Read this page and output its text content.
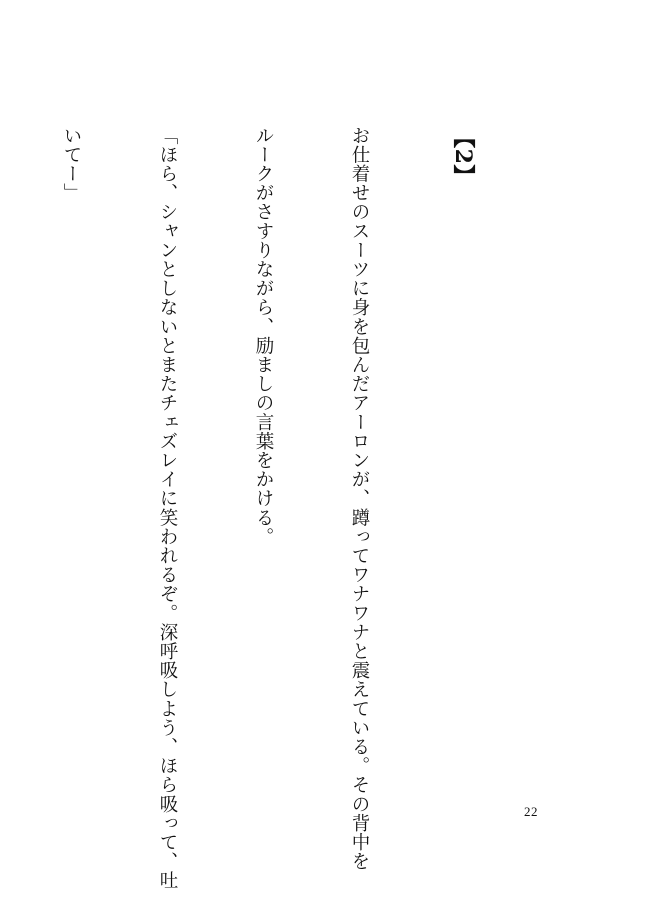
【2】

お仕着せのスーツに身を包んだアーロンが、蹲ってワナワナと震えている。その背中を

ルークがさすりながら、励ましの言葉をかける。

「ほら、シャンとしないとまたチェズレイに笑われるぞ。深呼吸しよう、ほら吸って、吐

いてー」

22
